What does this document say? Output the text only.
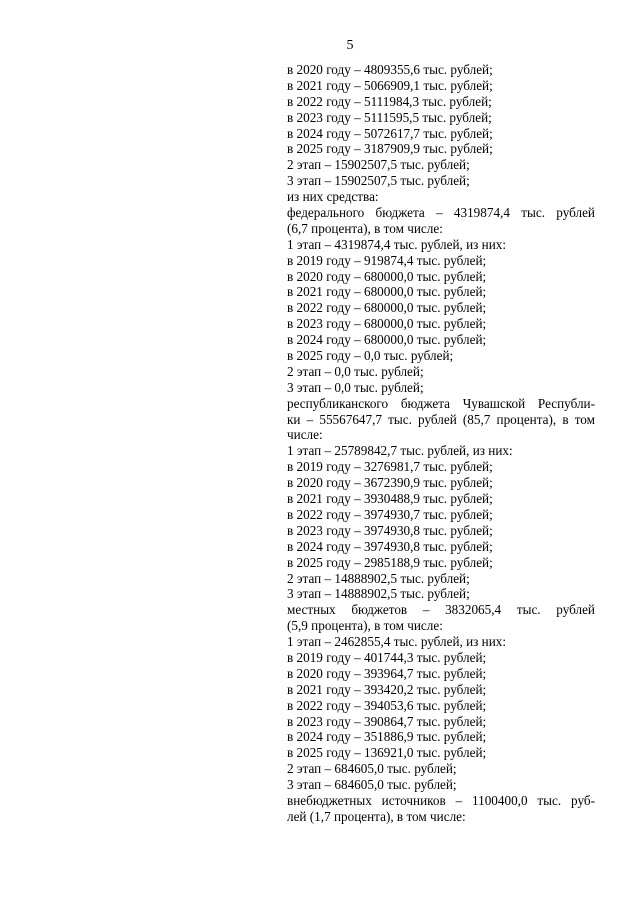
5
в 2020 году – 4809355,6 тыс. рублей;
в 2021 году – 5066909,1 тыс. рублей;
в 2022 году – 5111984,3 тыс. рублей;
в 2023 году – 5111595,5 тыс. рублей;
в 2024 году – 5072617,7 тыс. рублей;
в 2025 году – 3187909,9 тыс. рублей;
2 этап – 15902507,5 тыс. рублей;
3 этап – 15902507,5 тыс. рублей;
из них средства:
федерального бюджета – 4319874,4 тыс. рублей
(6,7 процента), в том числе:
1 этап – 4319874,4 тыс. рублей, из них:
в 2019 году – 919874,4 тыс. рублей;
в 2020 году – 680000,0 тыс. рублей;
в 2021 году – 680000,0 тыс. рублей;
в 2022 году – 680000,0 тыс. рублей;
в 2023 году – 680000,0 тыс. рублей;
в 2024 году – 680000,0 тыс. рублей;
в 2025 году – 0,0 тыс. рублей;
2 этап – 0,0 тыс. рублей;
3 этап – 0,0 тыс. рублей;
республиканского бюджета Чувашской Республи-
ки – 55567647,7 тыс. рублей (85,7 процента), в том
числе:
1 этап – 25789842,7 тыс. рублей, из них:
в 2019 году – 3276981,7 тыс. рублей;
в 2020 году – 3672390,9 тыс. рублей;
в 2021 году – 3930488,9 тыс. рублей;
в 2022 году – 3974930,7 тыс. рублей;
в 2023 году – 3974930,8 тыс. рублей;
в 2024 году – 3974930,8 тыс. рублей;
в 2025 году – 2985188,9 тыс. рублей;
2 этап – 14888902,5 тыс. рублей;
3 этап – 14888902,5 тыс. рублей;
местных бюджетов – 3832065,4 тыс. рублей
(5,9 процента), в том числе:
1 этап – 2462855,4 тыс. рублей, из них:
в 2019 году – 401744,3 тыс. рублей;
в 2020 году – 393964,7 тыс. рублей;
в 2021 году – 393420,2 тыс. рублей;
в 2022 году – 394053,6 тыс. рублей;
в 2023 году – 390864,7 тыс. рублей;
в 2024 году – 351886,9 тыс. рублей;
в 2025 году – 136921,0 тыс. рублей;
2 этап – 684605,0 тыс. рублей;
3 этап – 684605,0 тыс. рублей;
внебюджетных источников – 1100400,0 тыс. руб-
лей (1,7 процента), в том числе:
